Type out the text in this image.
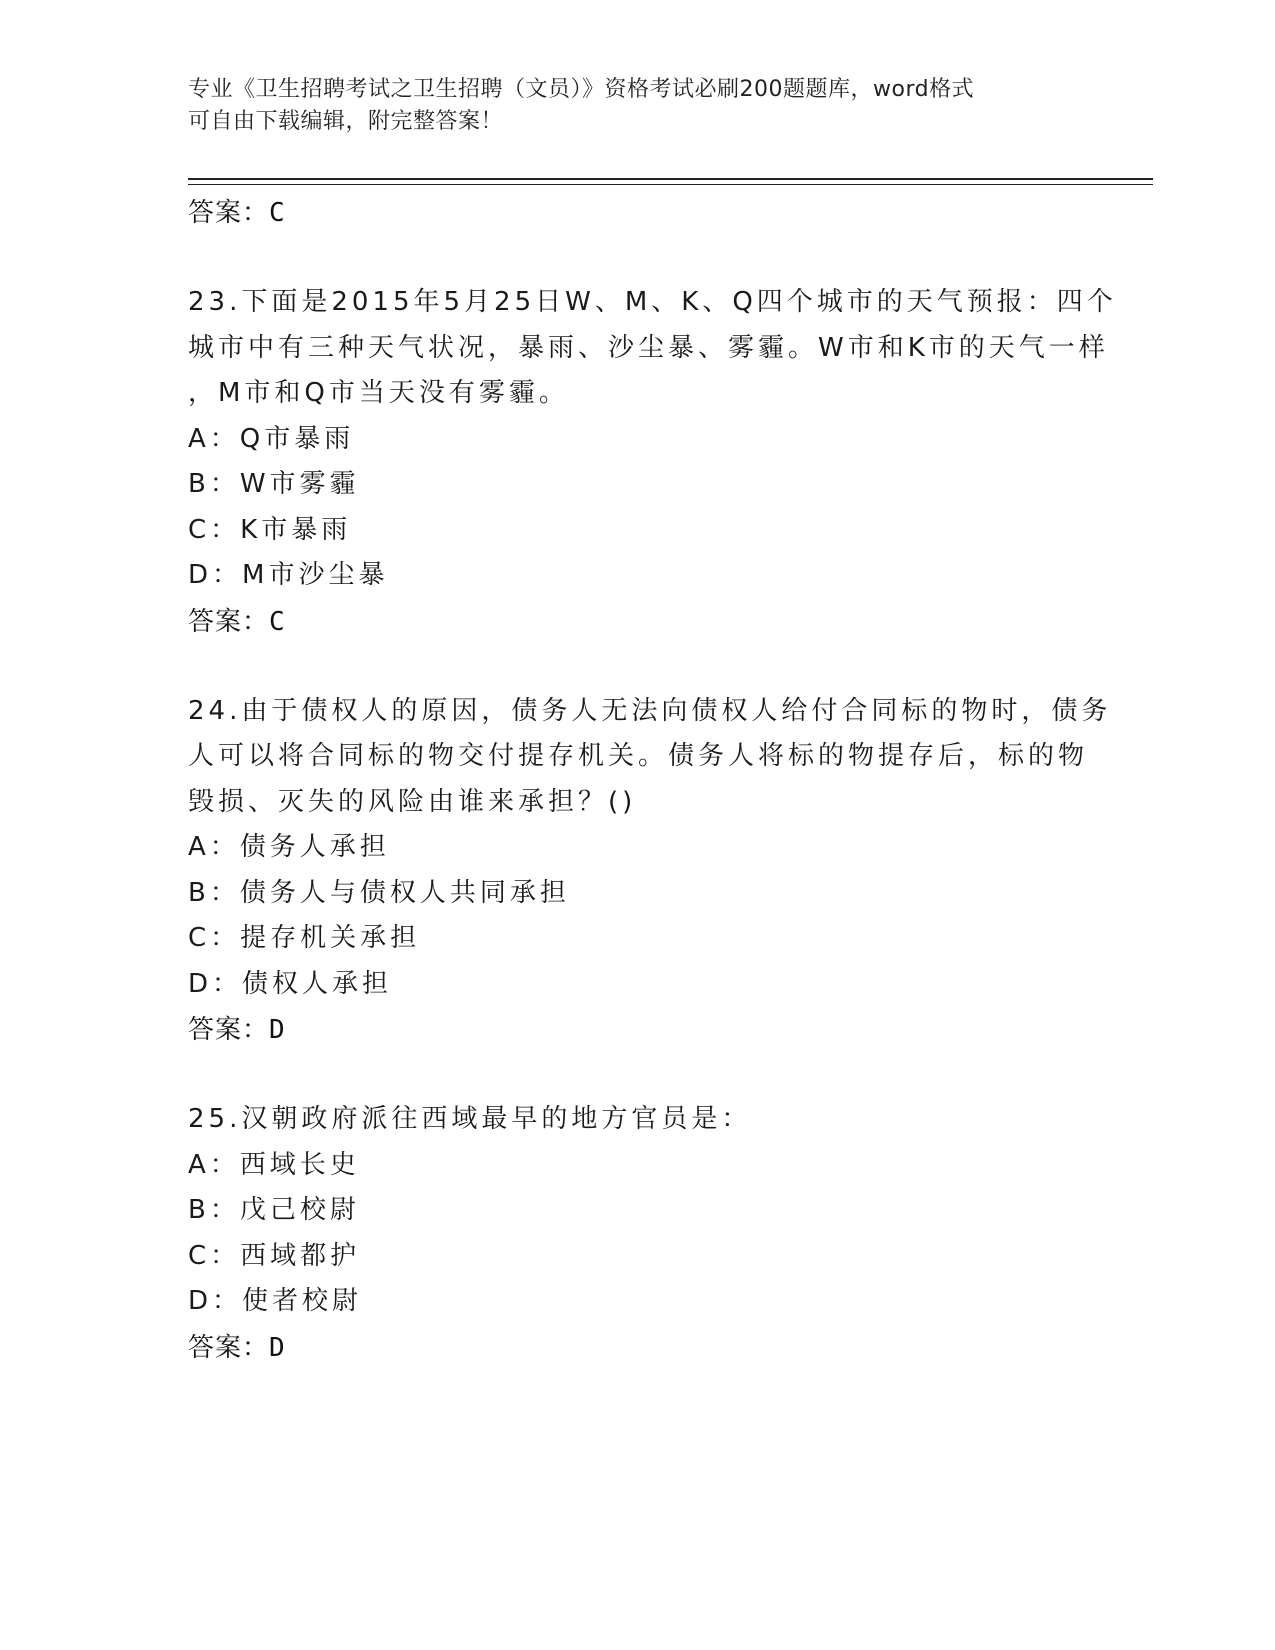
专业《卫生招聘考试之卫生招聘（文员）》资格考试必刷200题题库，word格式
可自由下载编辑，附完整答案！
答案：C
23.下面是2015年5月25日W、M、K、Q四个城市的天气预报：四个
城市中有三种天气状况，暴雨、沙尘暴、雾霾。W市和K市的天气一样
，M市和Q市当天没有雾霾。
A：Q市暴雨
B：W市雾霾
C：K市暴雨
D：M市沙尘暴
答案：C
24.由于债权人的原因，债务人无法向债权人给付合同标的物时，债务
人可以将合同标的物交付提存机关。债务人将标的物提存后，标的物
毁损、灭失的风险由谁来承担？()
A：债务人承担
B：债务人与债权人共同承担
C：提存机关承担
D：债权人承担
答案：D
25.汉朝政府派往西域最早的地方官员是：
A：西域长史
B：戊己校尉
C：西域都护
D：使者校尉
答案：D
